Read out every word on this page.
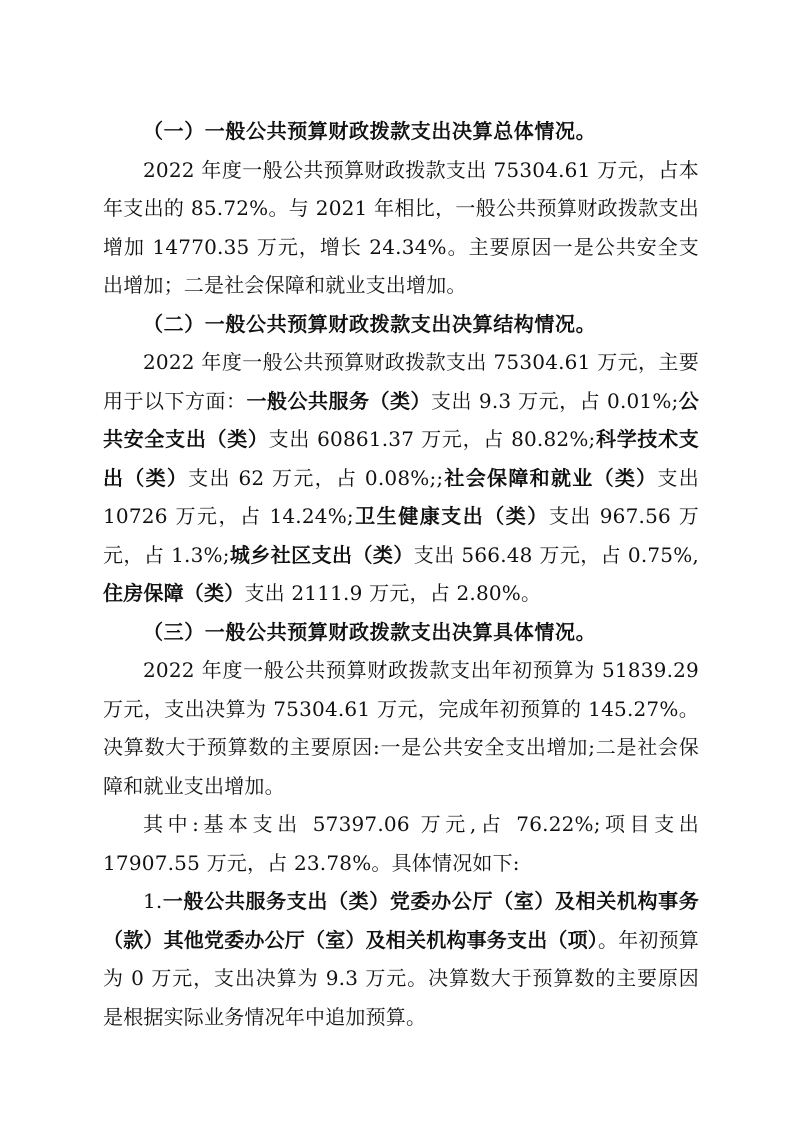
（一）一般公共预算财政拨款支出决算总体情况。

2022 年度一般公共预算财政拨款支出 75304.61 万元，占本年支出的 85.72%。与 2021 年相比，一般公共预算财政拨款支出增加 14770.35 万元，增长 24.34%。主要原因一是公共安全支出增加；二是社会保障和就业支出增加。

（二）一般公共预算财政拨款支出决算结构情况。

2022 年度一般公共预算财政拨款支出 75304.61 万元，主要用于以下方面：一般公共服务（类）支出 9.3 万元，占 0.01%;公共安全支出（类）支出 60861.37 万元，占 80.82%;科学技术支出（类）支出 62 万元，占 0.08%;;社会保障和就业（类）支出 10726 万元，占 14.24%;卫生健康支出（类）支出 967.56 万元，占 1.3%;城乡社区支出（类）支出 566.48 万元，占 0.75%,住房保障（类）支出 2111.9 万元，占 2.80%。

（三）一般公共预算财政拨款支出决算具体情况。

2022 年度一般公共预算财政拨款支出年初预算为 51839.29 万元，支出决算为 75304.61 万元，完成年初预算的 145.27%。决算数大于预算数的主要原因:一是公共安全支出增加;二是社会保障和就业支出增加。

其中:基本支出 57397.06 万元,占 76.22%;项目支出 17907.55 万元，占 23.78%。具体情况如下:

1.一般公共服务支出（类）党委办公厅（室）及相关机构事务（款）其他党委办公厅（室）及相关机构事务支出（项）。年初预算为 0 万元，支出决算为 9.3 万元。决算数大于预算数的主要原因是根据实际业务情况年中追加预算。
